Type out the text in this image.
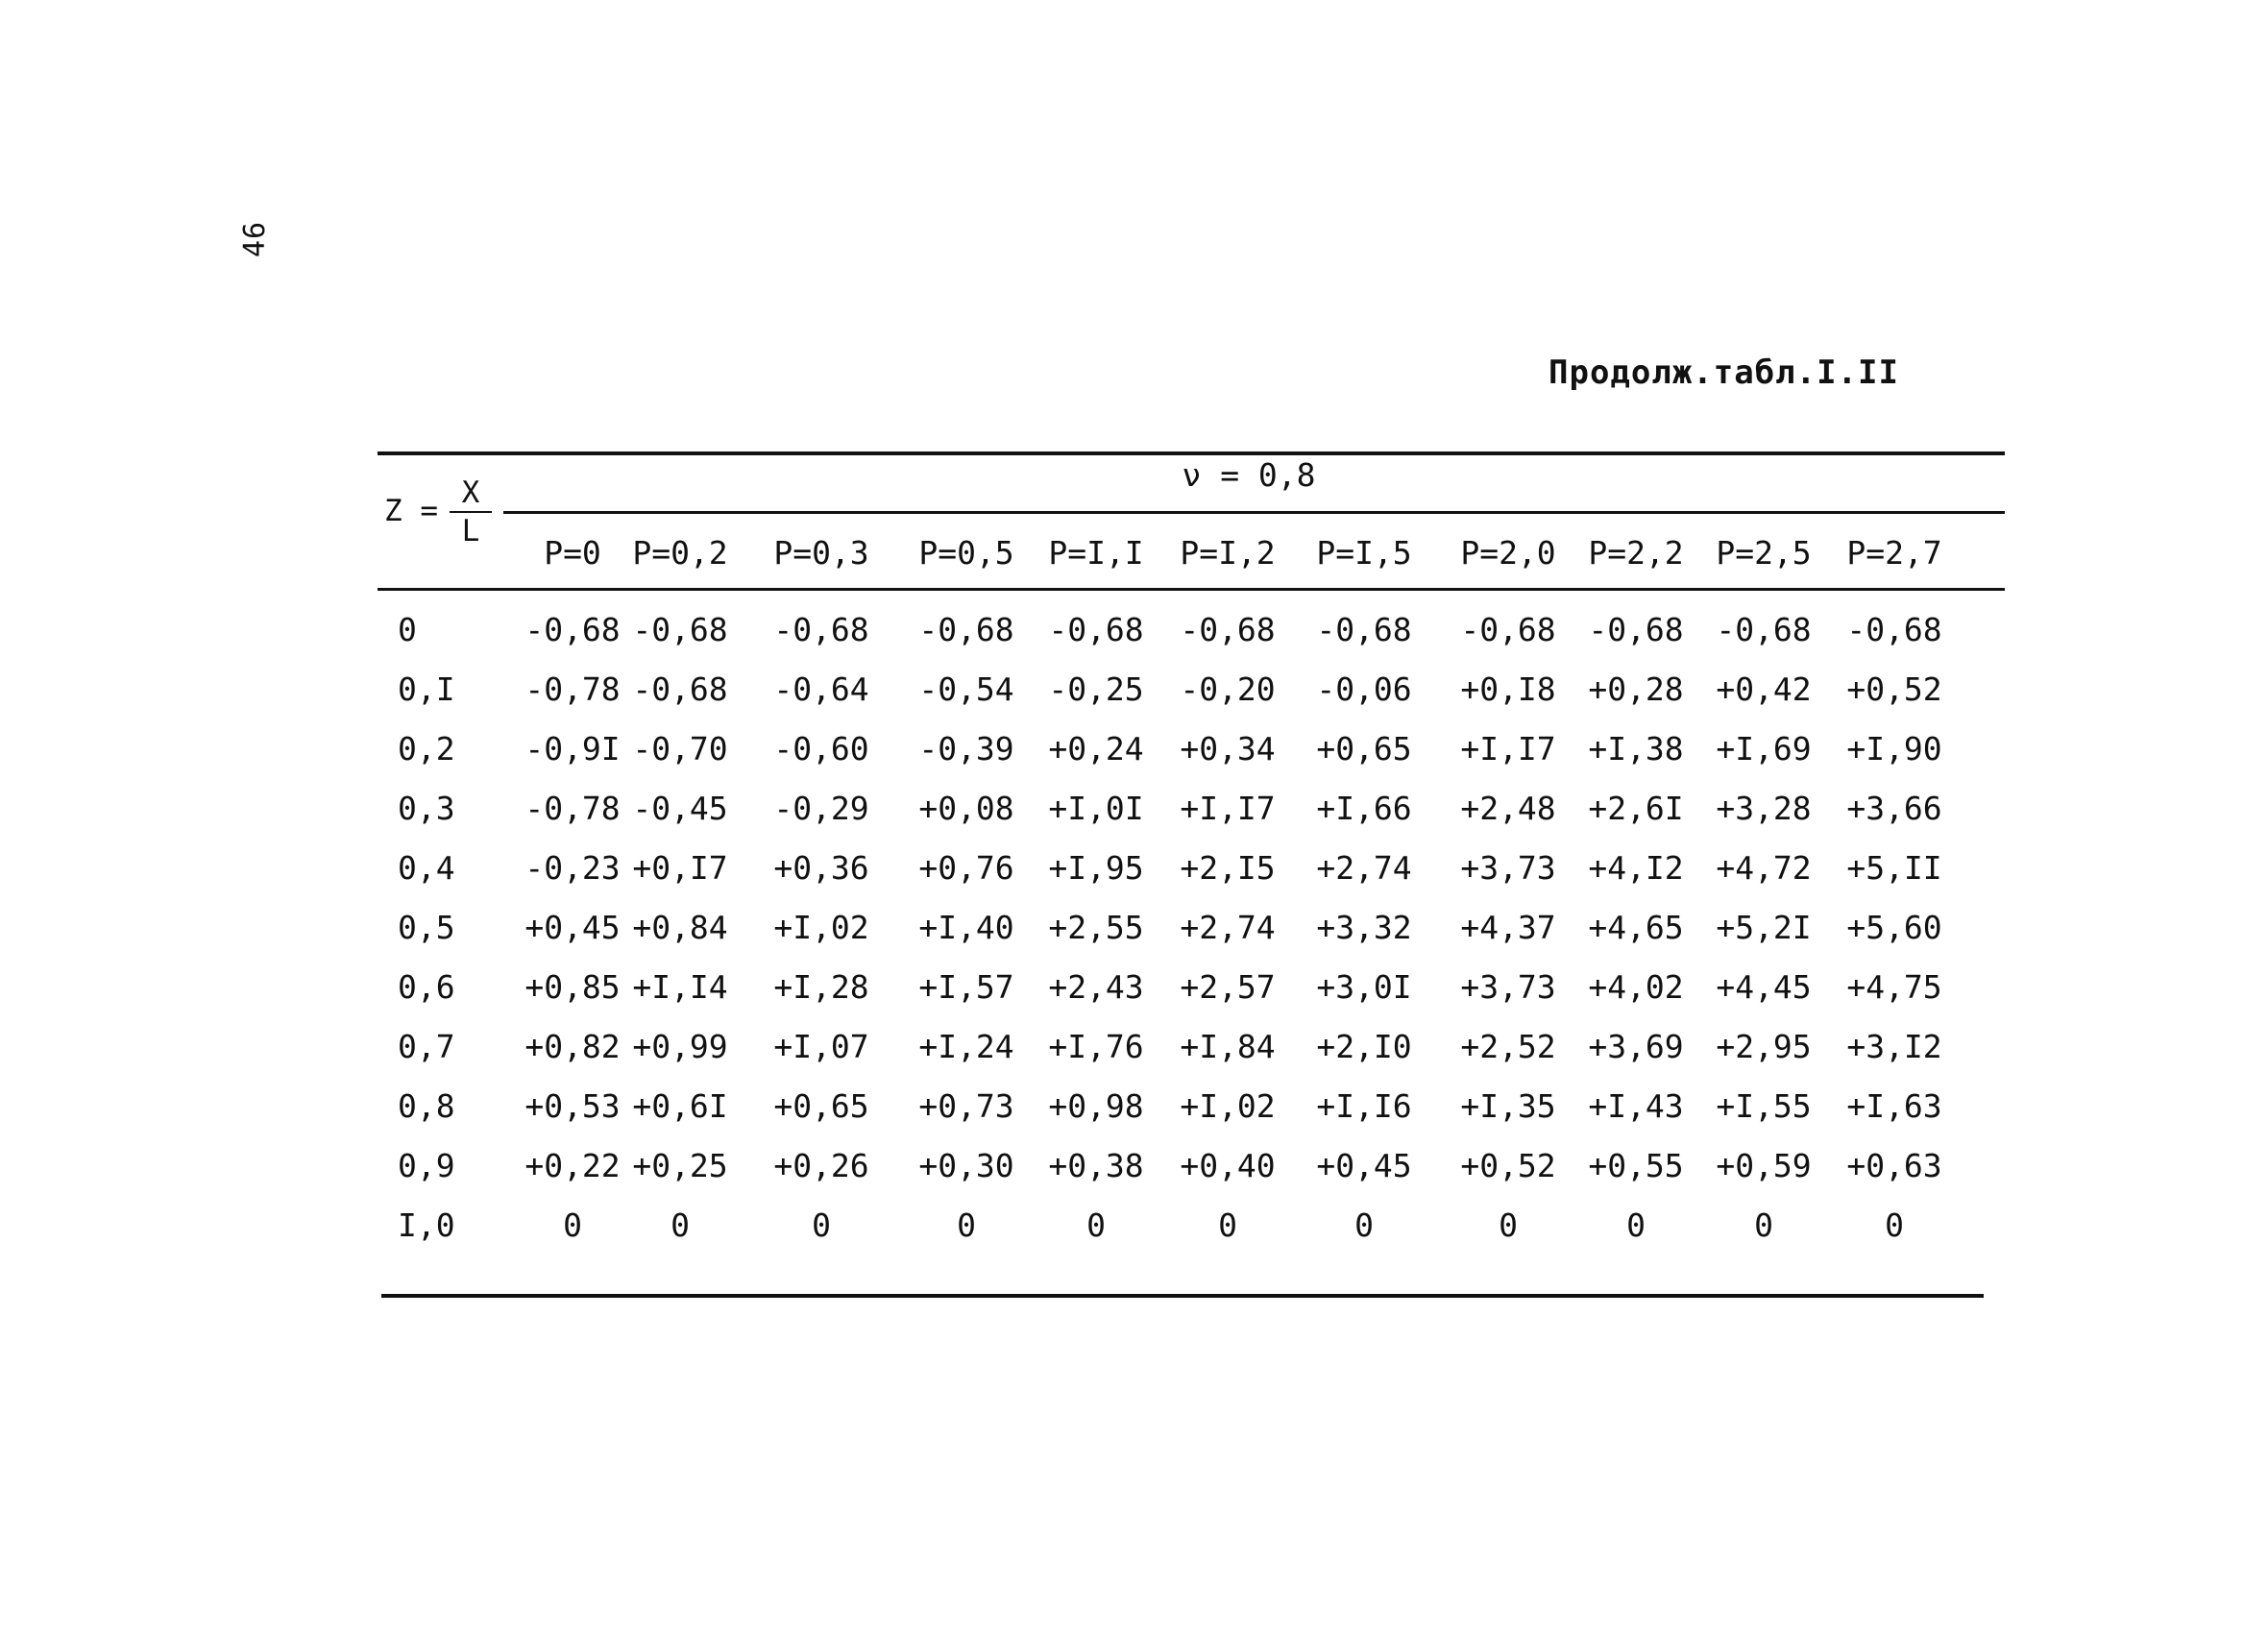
46
Продолж.табл.I.II
Z =
X
L
ν = 0,8
P=0 P=0,2 P=0,3 P=0,5 P=I,I P=I,2 P=I,5 P=2,0 P=2,2 P=2,5 P=2,7
0	-0,68 -0,68 -0,68 -0,68 -0,68 -0,68 -0,68 -0,68 -0,68 -0,68 -0,68
0,I -0,78 -0,68 -0,64 -0,54 -0,25 -0,20 -0,06 +0,I8 +0,28 +0,42 +0,52
0,2 -0,9I -0,70 -0,60 -0,39 +0,24 +0,34 +0,65 +I,I7 +I,38 +I,69 +I,90
0,3 -0,78 -0,45 -0,29 +0,08 +I,0I +I,I7 +I,66 +2,48 +2,6I +3,28 +3,66
0,4 -0,23 +0,I7 +0,36 +0,76 +I,95 +2,I5 +2,74 +3,73 +4,I2 +4,72 +5,II
0,5 +0,45 +0,84 +I,02 +I,40 +2,55 +2,74 +3,32 +4,37 +4,65 +5,2I +5,60
0,6 +0,85 +I,I4 +I,28 +I,57 +2,43 +2,57 +3,0I +3,73 +4,02 +4,45 +4,75
0,7 +0,82 +0,99 +I,07 +I,24 +I,76 +I,84 +2,I0 +2,52 +3,69 +2,95 +3,I2
0,8 +0,53 +0,6I +0,65 +0,73 +0,98 +I,02 +I,I6 +I,35 +I,43 +I,55 +I,63
0,9 +0,22 +0,25 +0,26 +0,30 +0,38 +0,40 +0,45 +0,52 +0,55 +0,59 +0,63
I,0	0	0	0	0	0	0	0	0	0	0	0
